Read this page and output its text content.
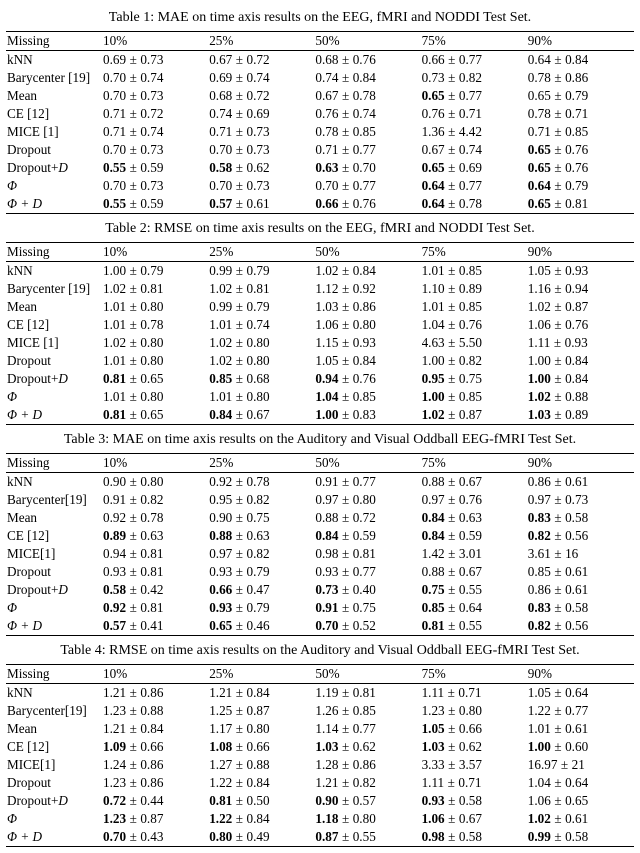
Table 1: MAE on time axis results on the EEG, fMRI and NODDI Test Set.
Missing	10%	25%	50%	75%	90%
kNN	0.69 ± 0.73	0.67 ± 0.72	0.68 ± 0.76	0.66 ± 0.77	0.64 ± 0.84
Barycenter [19]	0.70 ± 0.74	0.69 ± 0.74	0.74 ± 0.84	0.73 ± 0.82	0.78 ± 0.86
Mean	0.70 ± 0.73	0.68 ± 0.72	0.67 ± 0.78	0.65 ± 0.77	0.65 ± 0.79
CE [12]	0.71 ± 0.72	0.74 ± 0.69	0.76 ± 0.74	0.76 ± 0.71	0.78 ± 0.71
MICE [1]	0.71 ± 0.74	0.71 ± 0.73	0.78 ± 0.85	1.36 ± 4.42	0.71 ± 0.85
Dropout	0.70 ± 0.73	0.70 ± 0.73	0.71 ± 0.77	0.67 ± 0.74	0.65 ± 0.76
Dropout+D	0.55 ± 0.59	0.58 ± 0.62	0.63 ± 0.70	0.65 ± 0.69	0.65 ± 0.76
Φ	0.70 ± 0.73	0.70 ± 0.73	0.70 ± 0.77	0.64 ± 0.77	0.64 ± 0.79
Φ + D	0.55 ± 0.59	0.57 ± 0.61	0.66 ± 0.76	0.64 ± 0.78	0.65 ± 0.81
Table 2: RMSE on time axis results on the EEG, fMRI and NODDI Test Set.
Missing	10%	25%	50%	75%	90%
kNN	1.00 ± 0.79	0.99 ± 0.79	1.02 ± 0.84	1.01 ± 0.85	1.05 ± 0.93
Barycenter [19]	1.02 ± 0.81	1.02 ± 0.81	1.12 ± 0.92	1.10 ± 0.89	1.16 ± 0.94
Mean	1.01 ± 0.80	0.99 ± 0.79	1.03 ± 0.86	1.01 ± 0.85	1.02 ± 0.87
CE [12]	1.01 ± 0.78	1.01 ± 0.74	1.06 ± 0.80	1.04 ± 0.76	1.06 ± 0.76
MICE [1]	1.02 ± 0.80	1.02 ± 0.80	1.15 ± 0.93	4.63 ± 5.50	1.11 ± 0.93
Dropout	1.01 ± 0.80	1.02 ± 0.80	1.05 ± 0.84	1.00 ± 0.82	1.00 ± 0.84
Dropout+D	0.81 ± 0.65	0.85 ± 0.68	0.94 ± 0.76	0.95 ± 0.75	1.00 ± 0.84
Φ	1.01 ± 0.80	1.01 ± 0.80	1.04 ± 0.85	1.00 ± 0.85	1.02 ± 0.88
Φ + D	0.81 ± 0.65	0.84 ± 0.67	1.00 ± 0.83	1.02 ± 0.87	1.03 ± 0.89
Table 3: MAE on time axis results on the Auditory and Visual Oddball EEG-fMRI Test Set.
Missing	10%	25%	50%	75%	90%
kNN	0.90 ± 0.80	0.92 ± 0.78	0.91 ± 0.77	0.88 ± 0.67	0.86 ± 0.61
Barycenter[19]	0.91 ± 0.82	0.95 ± 0.82	0.97 ± 0.80	0.97 ± 0.76	0.97 ± 0.73
Mean	0.92 ± 0.78	0.90 ± 0.75	0.88 ± 0.72	0.84 ± 0.63	0.83 ± 0.58
CE [12]	0.89 ± 0.63	0.88 ± 0.63	0.84 ± 0.59	0.84 ± 0.59	0.82 ± 0.56
MICE[1]	0.94 ± 0.81	0.97 ± 0.82	0.98 ± 0.81	1.42 ± 3.01	3.61 ± 16
Dropout	0.93 ± 0.81	0.93 ± 0.79	0.93 ± 0.77	0.88 ± 0.67	0.85 ± 0.61
Dropout+D	0.58 ± 0.42	0.66 ± 0.47	0.73 ± 0.40	0.75 ± 0.55	0.86 ± 0.61
Φ	0.92 ± 0.81	0.93 ± 0.79	0.91 ± 0.75	0.85 ± 0.64	0.83 ± 0.58
Φ + D	0.57 ± 0.41	0.65 ± 0.46	0.70 ± 0.52	0.81 ± 0.55	0.82 ± 0.56
Table 4: RMSE on time axis results on the Auditory and Visual Oddball EEG-fMRI Test Set.
Missing	10%	25%	50%	75%	90%
kNN	1.21 ± 0.86	1.21 ± 0.84	1.19 ± 0.81	1.11 ± 0.71	1.05 ± 0.64
Barycenter[19]	1.23 ± 0.88	1.25 ± 0.87	1.26 ± 0.85	1.23 ± 0.80	1.22 ± 0.77
Mean	1.21 ± 0.84	1.17 ± 0.80	1.14 ± 0.77	1.05 ± 0.66	1.01 ± 0.61
CE [12]	1.09 ± 0.66	1.08 ± 0.66	1.03 ± 0.62	1.03 ± 0.62	1.00 ± 0.60
MICE[1]	1.24 ± 0.86	1.27 ± 0.88	1.28 ± 0.86	3.33 ± 3.57	16.97 ± 21
Dropout	1.23 ± 0.86	1.22 ± 0.84	1.21 ± 0.82	1.11 ± 0.71	1.04 ± 0.64
Dropout+D	0.72 ± 0.44	0.81 ± 0.50	0.90 ± 0.57	0.93 ± 0.58	1.06 ± 0.65
Φ	1.23 ± 0.87	1.22 ± 0.84	1.18 ± 0.80	1.06 ± 0.67	1.02 ± 0.61
Φ + D	0.70 ± 0.43	0.80 ± 0.49	0.87 ± 0.55	0.98 ± 0.58	0.99 ± 0.58
